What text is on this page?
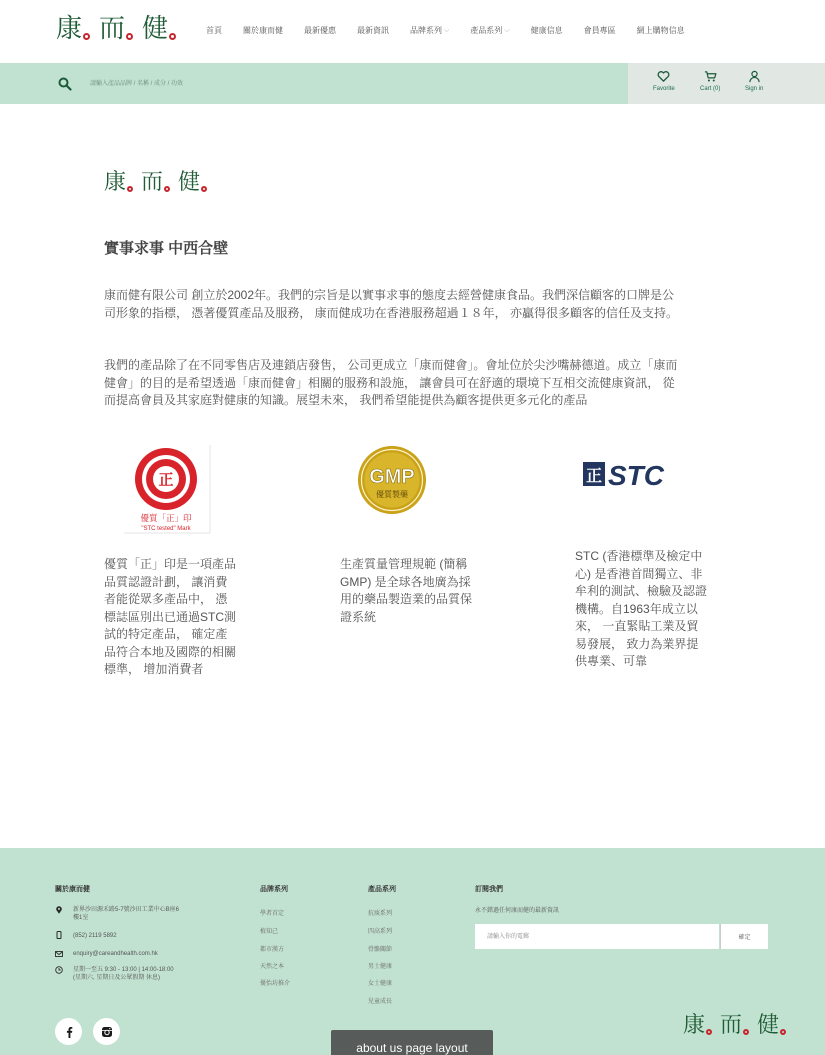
康 而 健	首頁	關於康而健	最新優惠	最新資訊	品牌系列 ⌵	產品系列 ⌵	健康信息	會員專區	網上購物信息
請輸入產品品牌 / 名稱 / 成分 / 功效
Favorite	Cart (0)	Sign in
康 而 健
實事求事 中西合壁
康而健有限公司 創立於2002年。我們的宗旨是以實事求事的態度去經營健康食品。我們深信顧客的口牌是公司形象的指標， 憑著優質產品及服務， 康而健成功在香港服務超過１８年， 亦贏得很多顧客的信任及支持。
我們的產品除了在不同零售店及連鎖店發售， 公司更成立「康而健會」。會址位於尖沙嘴赫德道。成立「康而健會」的目的是希望透過「康而健會」相關的服務和設施， 讓會員可在舒適的環境下互相交流健康資訊， 從而提高會員及其家庭對健康的知識。展望未來， 我們希望能提供為顧客提供更多元化的產品
正
優質「正」印
"STC tested" Mark
優質「正」印是一項產品品質認證計劃， 讓消費者能從眾多產品中， 憑標誌區別出已通過STC測試的特定產品， 確定產品符合本地及國際的相關標準， 增加消費者
GMP
優質製藥
生產質量管理規範 (簡稱GMP) 是全球各地廣為採用的藥品製造業的品質保證系統
正 STC
STC (香港標準及檢定中心) 是香港首間獨立、非牟利的測試、檢驗及認證機構。自1963年成立以來， 一直緊貼工業及貿易發展， 致力為業界提供專業、可靠
關於康而健
新界沙田源禾路5-7號沙田工業中心B座6
樓1室
(852) 2119 5892
enquiry@careandhealth.com.hk
星期一至五 9:30 - 13:00 | 14:00-18:00
(星期六, 星期日及公眾假期 休息)
品牌系列
學者首定
植知己
都市漢方
天然之本
優怡坊推介
產品系列
抗痰系列
四高系列
骨骼關節
男士健康
女士健康
兒童成長
訂閱我們
永不錯過任何康而健的最新資訊
請輸入你的電郵
確定
康 而 健
about us page layout
